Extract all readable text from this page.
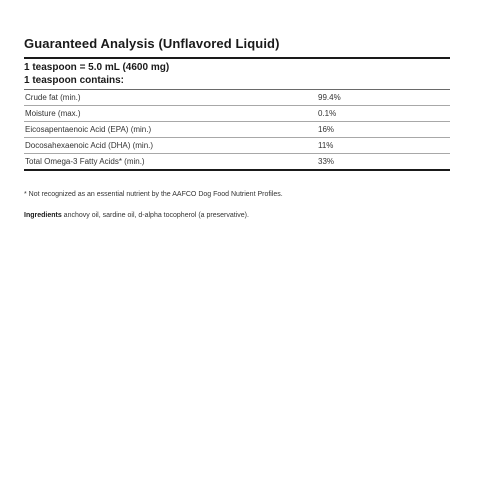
Guaranteed Analysis (Unflavored Liquid)
1 teaspoon = 5.0 mL (4600 mg)
1 teaspoon contains:
Crude fat (min.)	99.4%
Moisture (max.)	0.1%
Eicosapentaenoic Acid (EPA) (min.)	16%
Docosahexaenoic Acid (DHA) (min.)	11%
Total Omega-3 Fatty Acids* (min.)	33%
* Not recognized as an essential nutrient by the AAFCO Dog Food Nutrient Profiles.
Ingredients anchovy oil, sardine oil, d-alpha tocopherol (a preservative).
